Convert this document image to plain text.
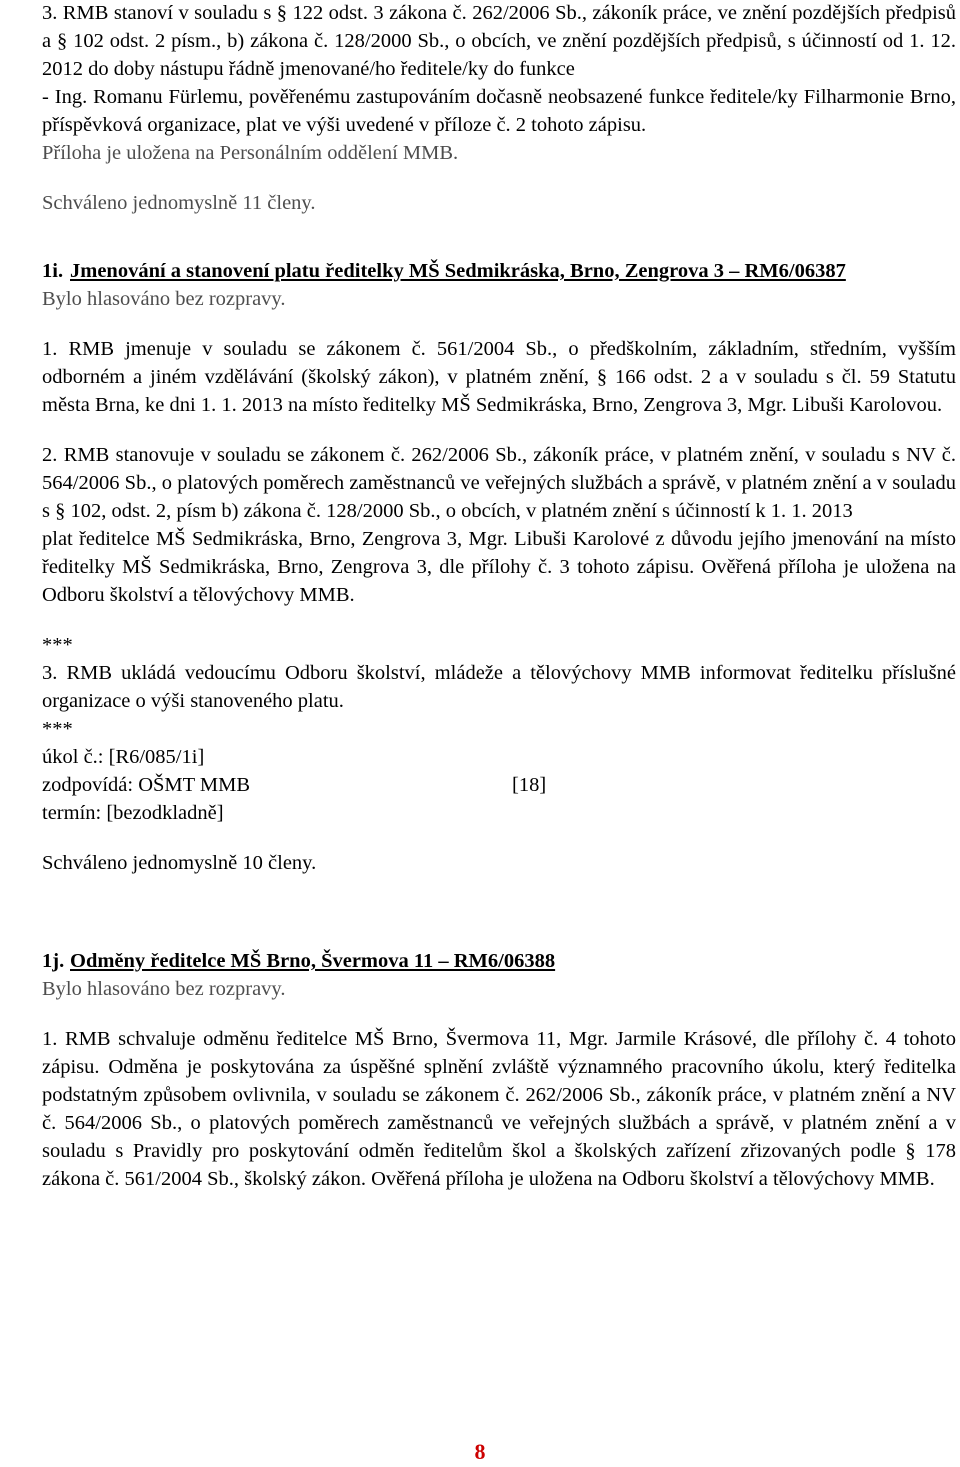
3. RMB stanoví v souladu s § 122 odst. 3 zákona č. 262/2006 Sb., zákoník práce, ve znění pozdějších předpisů a § 102 odst. 2 písm., b) zákona č. 128/2000 Sb., o obcích, ve znění pozdějších předpisů, s účinností od 1. 12. 2012 do doby nástupu řádně jmenované/ho ředitele/ky do funkce

- Ing. Romanu Fürlemu, pověřenému zastupováním dočasně neobsazené funkce ředitele/ky Filharmonie Brno, příspěvková organizace, plat ve výši uvedené v příloze č. 2 tohoto zápisu.

Příloha je uložena na Personálním oddělení MMB.

Schváleno jednomyslně 11 členy.

1i. Jmenování a stanovení platu ředitelky MŠ Sedmikráska, Brno, Zengrova 3 – RM6/06387

Bylo hlasováno bez rozpravy.

1. RMB jmenuje v souladu se zákonem č. 561/2004 Sb., o předškolním, základním, středním, vyšším odborném a jiném vzdělávání (školský zákon), v platném znění, § 166 odst. 2 a v souladu s čl. 59 Statutu města Brna, ke dni 1. 1. 2013 na místo ředitelky MŠ Sedmikráska, Brno, Zengrova 3, Mgr. Libuši Karolovou.

2. RMB stanovuje v souladu se zákonem č. 262/2006 Sb., zákoník práce, v platném znění, v souladu s NV č. 564/2006 Sb., o platových poměrech zaměstnanců ve veřejných službách a správě, v platném znění a v souladu s § 102, odst. 2, písm b) zákona č. 128/2000 Sb., o obcích, v platném znění s účinností k 1. 1. 2013

plat ředitelce MŠ Sedmikráska, Brno, Zengrova 3, Mgr. Libuši Karolové z důvodu jejího jmenování na místo ředitelky MŠ Sedmikráska, Brno, Zengrova 3, dle přílohy č. 3 tohoto zápisu. Ověřená příloha je uložena na Odboru školství a tělovýchovy MMB.

***

3. RMB ukládá vedoucímu Odboru školství, mládeže a tělovýchovy MMB informovat ředitelku příslušné organizace o výši stanoveného platu.

***

úkol č.: [R6/085/1i]
zodpovídá: OŠMT MMB	[18]
termín: [bezodkladně]

Schváleno jednomyslně 10 členy.

1j. Odměny ředitelce MŠ Brno, Švermova 11 – RM6/06388

Bylo hlasováno bez rozpravy.

1. RMB schvaluje odměnu ředitelce MŠ Brno, Švermova 11, Mgr. Jarmile Krásové, dle přílohy č. 4 tohoto zápisu. Odměna je poskytována za úspěšné splnění zvláště významného pracovního úkolu, který ředitelka podstatným způsobem ovlivnila, v souladu se zákonem č. 262/2006 Sb., zákoník práce, v platném znění a NV č. 564/2006 Sb., o platových poměrech zaměstnanců ve veřejných službách a správě, v platném znění a v souladu s Pravidly pro poskytování odměn ředitelům škol a školských zařízení zřizovaných podle § 178 zákona č. 561/2004 Sb., školský zákon. Ověřená příloha je uložena na Odboru školství a tělovýchovy MMB.

8
